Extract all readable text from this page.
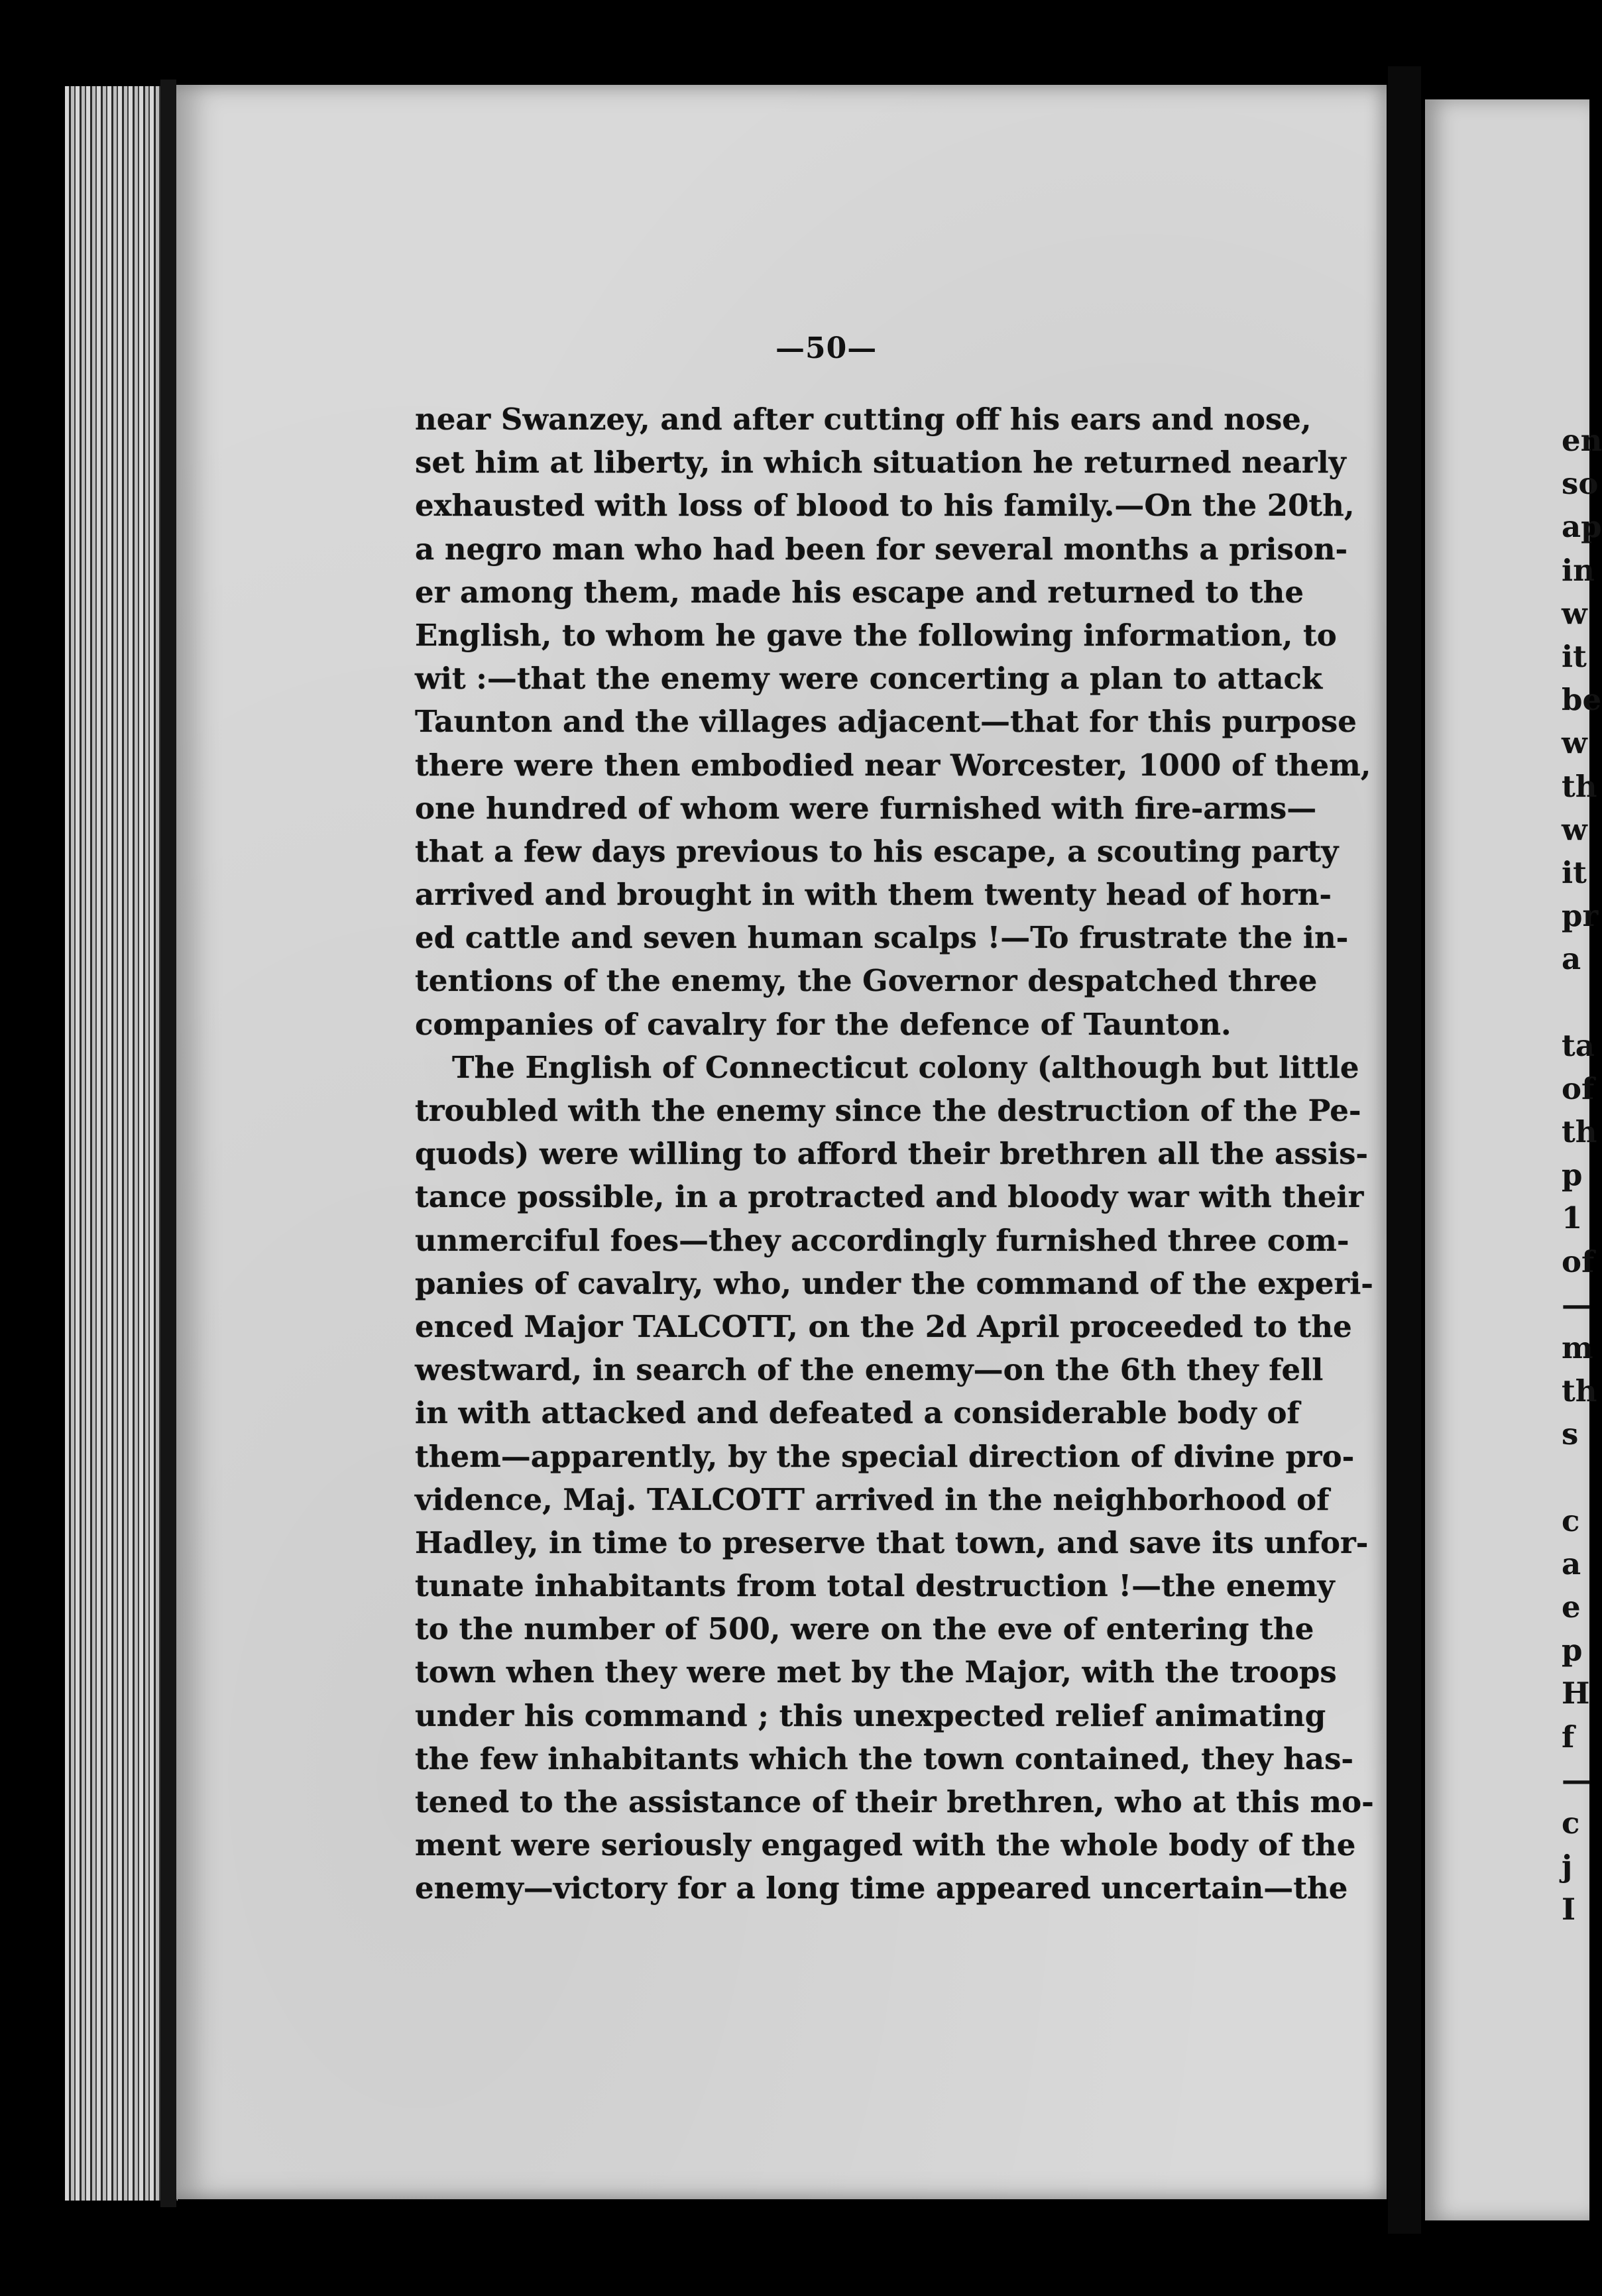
—50—
near Swanzey, and after cutting off his ears and nose,
set him at liberty, in which situation he returned nearly
exhausted with loss of blood to his family.—On the 20th,
a negro man who had been for several months a prison-
er among them, made his escape and returned to the
English, to whom he gave the following information, to
wit :—that the enemy were concerting a plan to attack
Taunton and the villages adjacent—that for this purpose
there were then embodied near Worcester, 1000 of them,
one hundred of whom were furnished with fire-arms—
that a few days previous to his escape, a scouting party
arrived and brought in with them twenty head of horn-
ed cattle and seven human scalps !—To frustrate the in-
tentions of the enemy, the Governor despatched three
companies of cavalry for the defence of Taunton.
The English of Connecticut colony (although but little
troubled with the enemy since the destruction of the Pe-
quods) were willing to afford their brethren all the assis-
tance possible, in a protracted and bloody war with their
unmerciful foes—they accordingly furnished three com-
panies of cavalry, who, under the command of the experi-
enced Major TALCOTT, on the 2d April proceeded to the
westward, in search of the enemy—on the 6th they fell
in with attacked and defeated a considerable body of
them—apparently, by the special direction of divine pro-
vidence, Maj. TALCOTT arrived in the neighborhood of
Hadley, in time to preserve that town, and save its unfor-
tunate inhabitants from total destruction !—the enemy
to the number of 500, were on the eve of entering the
town when they were met by the Major, with the troops
under his command ; this unexpected relief animating
the few inhabitants which the town contained, they has-
tened to the assistance of their brethren, who at this mo-
ment were seriously engaged with the whole body of the
enemy—victory for a long time appeared uncertain—the
en
so
ap
in
w
it
be
w
th
w
it
pr
a
ta
of
th
p
1
of
—
m
th
s
c
a
e
p
H
f
—
c
j
I
